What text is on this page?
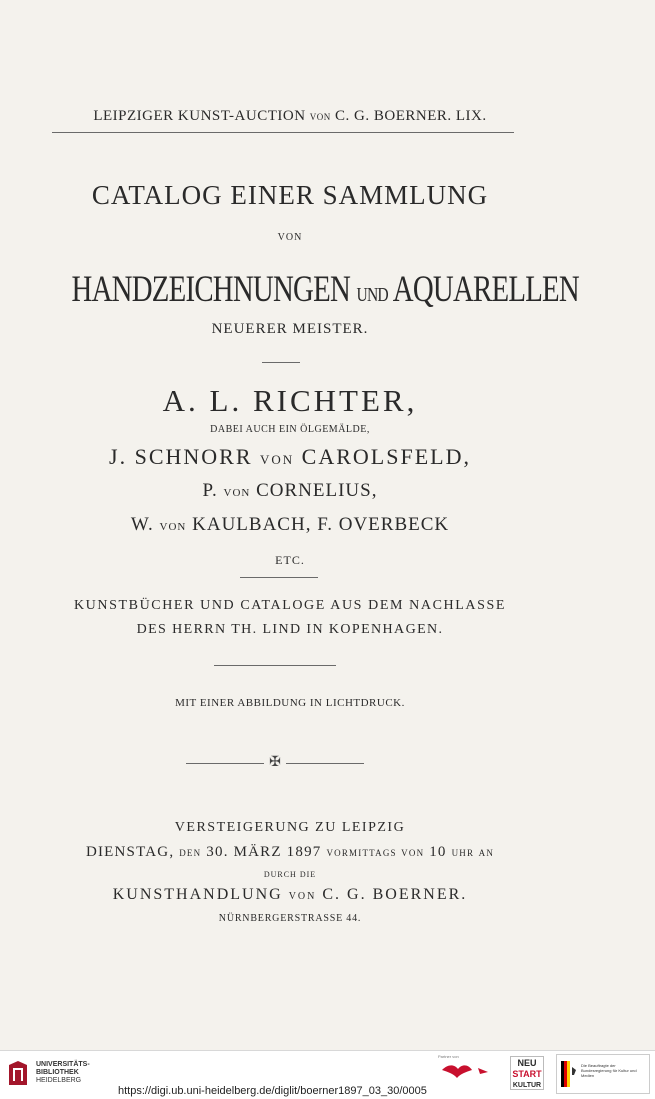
LEIPZIGER KUNST-AUCTION von C. G. BOERNER. LIX.
CATALOG EINER SAMMLUNG
VON
HANDZEICHNUNGEN UND AQUARELLEN
NEUERER MEISTER.
A. L. RICHTER,
DABEI AUCH EIN ÖLGEMÄLDE,
J. SCHNORR von CAROLSFELD,
P. von CORNELIUS,
W. von KAULBACH, F. OVERBECK
ETC.
KUNSTBÜCHER UND CATALOGE AUS DEM NACHLASSE
DES HERRN TH. LIND IN KOPENHAGEN.
MIT EINER ABBILDUNG IN LICHTDRUCK.
✠
VERSTEIGERUNG ZU LEIPZIG
DIENSTAG, den 30. MÄRZ 1897 vormittags von 10 uhr an
DURCH DIE
KUNSTHANDLUNG von C. G. BOERNER.
NÜRNBERGERSTRASSE 44.
UNIVERSITÄTS-
BIBLIOTHEK
HEIDELBERG
https://digi.ub.uni-heidelberg.de/diglit/boerner1897_03_30/0005
Partner von
NEU
START
KULTUR
Die Beauftragte der Bundesregierung für Kultur und Medien
